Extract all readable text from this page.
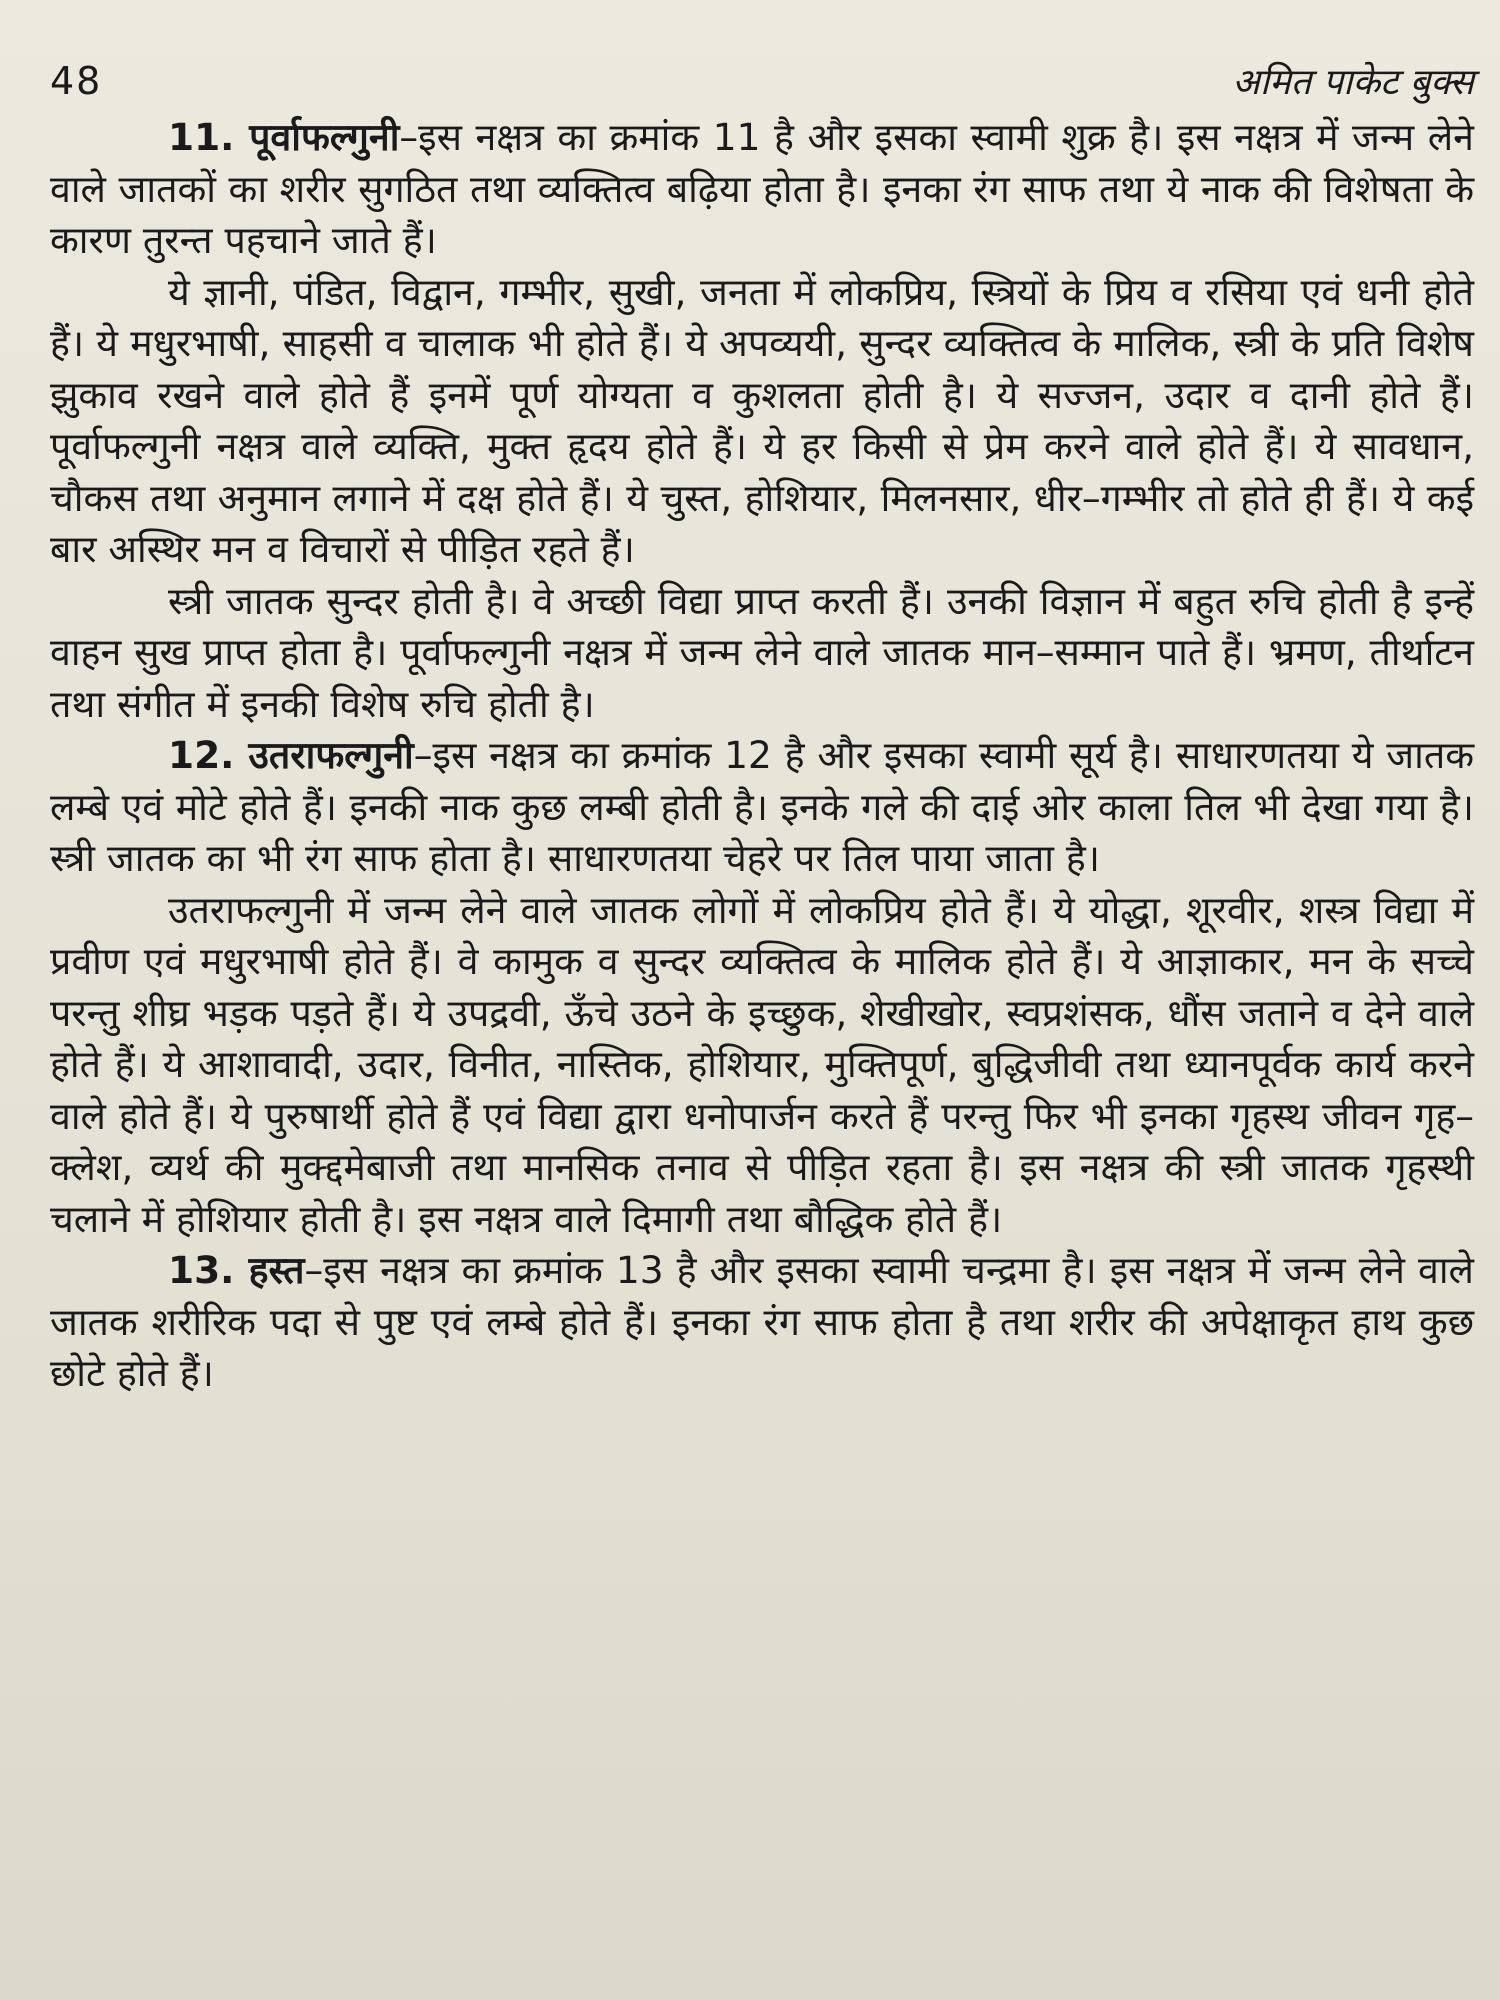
48	अमित पाकेट बुक्स

11. पूर्वाफल्गुनी–इस नक्षत्र का क्रमांक 11 है और इसका स्वामी शुक्र है। इस नक्षत्र में जन्म लेने वाले जातकों का शरीर सुगठित तथा व्यक्तित्व बढ़िया होता है। इनका रंग साफ तथा ये नाक की विशेषता के कारण तुरन्त पहचाने जाते हैं।

ये ज्ञानी, पंडित, विद्वान, गम्भीर, सुखी, जनता में लोकप्रिय, स्त्रियों के प्रिय व रसिया एवं धनी होते हैं। ये मधुरभाषी, साहसी व चालाक भी होते हैं। ये अपव्ययी, सुन्दर व्यक्तित्व के मालिक, स्त्री के प्रति विशेष झुकाव रखने वाले होते हैं इनमें पूर्ण योग्यता व कुशलता होती है। ये सज्जन, उदार व दानी होते हैं। पूर्वाफल्गुनी नक्षत्र वाले व्यक्ति, मुक्त हृदय होते हैं। ये हर किसी से प्रेम करने वाले होते हैं। ये सावधान, चौकस तथा अनुमान लगाने में दक्ष होते हैं। ये चुस्त, होशियार, मिलनसार, धीर–गम्भीर तो होते ही हैं। ये कई बार अस्थिर मन व विचारों से पीड़ित रहते हैं।

स्त्री जातक सुन्दर होती है। वे अच्छी विद्या प्राप्त करती हैं। उनकी विज्ञान में बहुत रुचि होती है इन्हें वाहन सुख प्राप्त होता है। पूर्वाफल्गुनी नक्षत्र में जन्म लेने वाले जातक मान–सम्मान पाते हैं। भ्रमण, तीर्थाटन तथा संगीत में इनकी विशेष रुचि होती है।

12. उतराफल्गुनी–इस नक्षत्र का क्रमांक 12 है और इसका स्वामी सूर्य है। साधारणतया ये जातक लम्बे एवं मोटे होते हैं। इनकी नाक कुछ लम्बी होती है। इनके गले की दाई ओर काला तिल भी देखा गया है। स्त्री जातक का भी रंग साफ होता है। साधारणतया चेहरे पर तिल पाया जाता है।

उतराफल्गुनी में जन्म लेने वाले जातक लोगों में लोकप्रिय होते हैं। ये योद्धा, शूरवीर, शस्त्र विद्या में प्रवीण एवं मधुरभाषी होते हैं। वे कामुक व सुन्दर व्यक्तित्व के मालिक होते हैं। ये आज्ञाकार, मन के सच्चे परन्तु शीघ्र भड़क पड़ते हैं। ये उपद्रवी, ऊँचे उठने के इच्छुक, शेखीखोर, स्वप्रशंसक, धौंस जताने व देने वाले होते हैं। ये आशावादी, उदार, विनीत, नास्तिक, होशियार, मुक्तिपूर्ण, बुद्धिजीवी तथा ध्यानपूर्वक कार्य करने वाले होते हैं। ये पुरुषार्थी होते हैं एवं विद्या द्वारा धनोपार्जन करते हैं परन्तु फिर भी इनका गृहस्थ जीवन गृह–क्लेश, व्यर्थ की मुक्द्दमेबाजी तथा मानसिक तनाव से पीड़ित रहता है। इस नक्षत्र की स्त्री जातक गृहस्थी चलाने में होशियार होती है। इस नक्षत्र वाले दिमागी तथा बौद्धिक होते हैं।

13. हस्त–इस नक्षत्र का क्रमांक 13 है और इसका स्वामी चन्द्रमा है। इस नक्षत्र में जन्म लेने वाले जातक शरीरिक पदा से पुष्ट एवं लम्बे होते हैं। इनका रंग साफ होता है तथा शरीर की अपेक्षाकृत हाथ कुछ छोटे होते हैं।
